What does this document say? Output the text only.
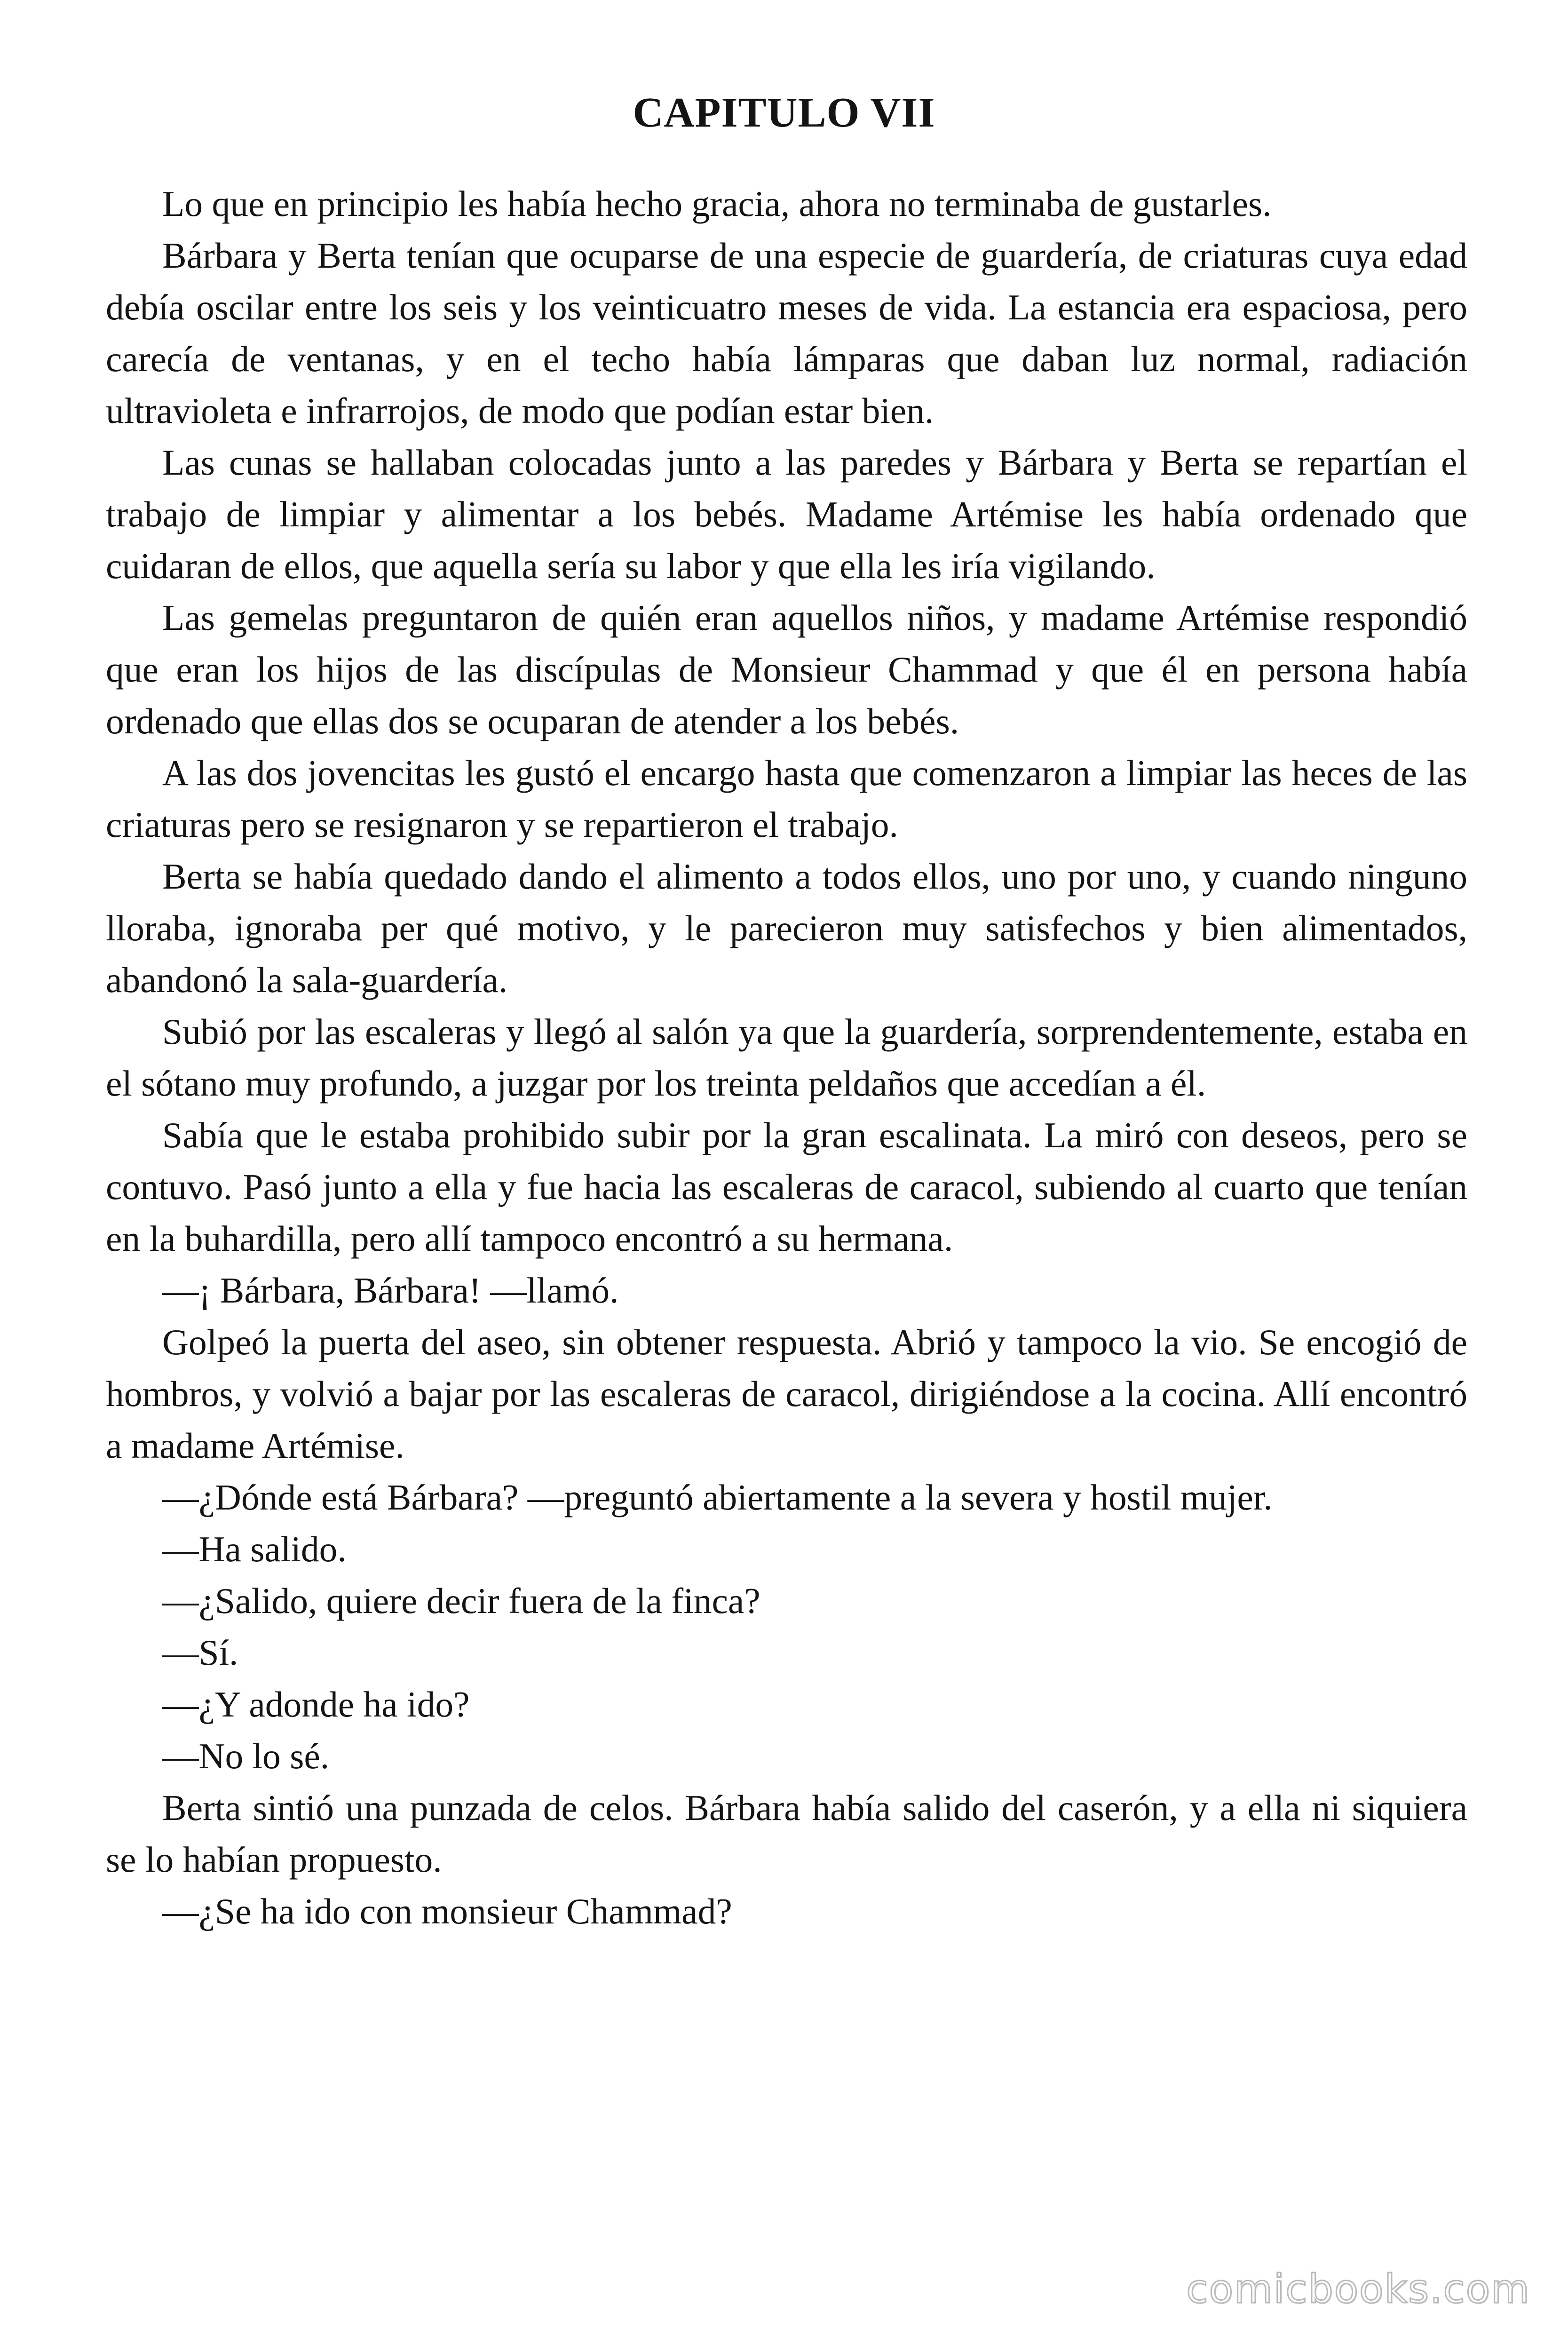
CAPITULO VII

Lo que en principio les había hecho gracia, ahora no terminaba de gustarles.

Bárbara y Berta tenían que ocuparse de una especie de guardería, de criaturas cuya edad debía oscilar entre los seis y los veinticuatro meses de vida. La estancia era espaciosa, pero carecía de ventanas, y en el techo había lámparas que daban luz normal, radiación ultravioleta e infrarrojos, de modo que podían estar bien.

Las cunas se hallaban colocadas junto a las paredes y Bárbara y Berta se repartían el trabajo de limpiar y alimentar a los bebés. Madame Artémise les había ordenado que cuidaran de ellos, que aquella sería su labor y que ella les iría vigilando.

Las gemelas preguntaron de quién eran aquellos niños, y madame Artémise respondió que eran los hijos de las discípulas de Monsieur Chammad y que él en persona había ordenado que ellas dos se ocuparan de atender a los bebés.

A las dos jovencitas les gustó el encargo hasta que comenzaron a limpiar las heces de las criaturas pero se resignaron y se repartieron el trabajo.

Berta se había quedado dando el alimento a todos ellos, uno por uno, y cuando ninguno lloraba, ignoraba per qué motivo, y le parecieron muy satisfechos y bien alimentados, abandonó la sala-guardería.

Subió por las escaleras y llegó al salón ya que la guardería, sorprendentemente, estaba en el sótano muy profundo, a juzgar por los treinta peldaños que accedían a él.

Sabía que le estaba prohibido subir por la gran escalinata. La miró con deseos, pero se contuvo. Pasó junto a ella y fue hacia las escaleras de caracol, subiendo al cuarto que tenían en la buhardilla, pero allí tampoco encontró a su hermana.

—¡ Bárbara, Bárbara! —llamó.

Golpeó la puerta del aseo, sin obtener respuesta. Abrió y tampoco la vio. Se encogió de hombros, y volvió a bajar por las escaleras de caracol, dirigiéndose a la cocina. Allí encontró a madame Artémise.

—¿Dónde está Bárbara? —preguntó abiertamente a la severa y hostil mujer.

—Ha salido.

—¿Salido, quiere decir fuera de la finca?

—Sí.

—¿Y adonde ha ido?

—No lo sé.

Berta sintió una punzada de celos. Bárbara había salido del caserón, y a ella ni siquiera se lo habían propuesto.

—¿Se ha ido con monsieur Chammad?

comicbooks.com
